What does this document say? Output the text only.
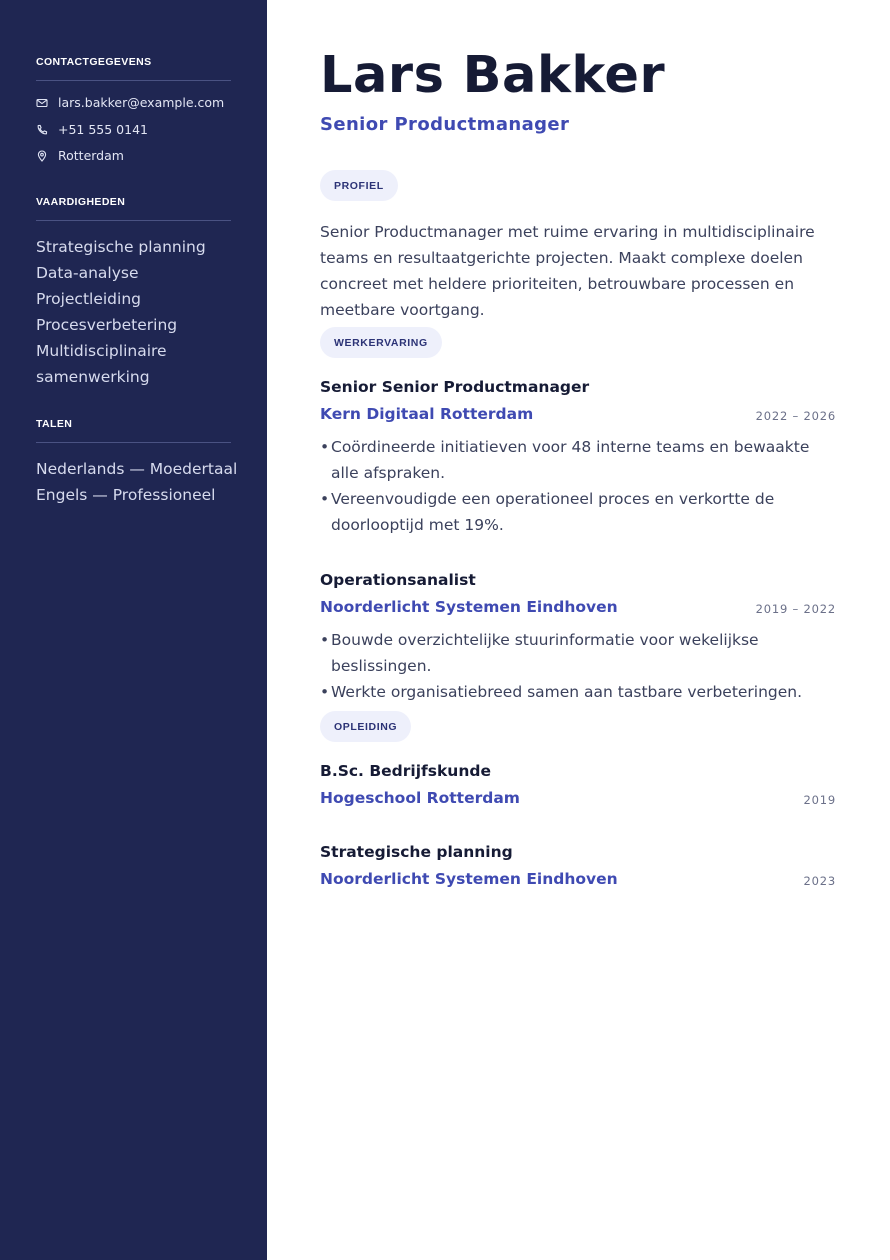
CONTACTGEGEVENS
lars.bakker@example.com
+51 555 0141
Rotterdam
VAARDIGHEDEN
Strategische planning
Data-analyse
Projectleiding
Procesverbetering
Multidisciplinaire
samenwerking
TALEN
Nederlands — Moedertaal
Engels — Professioneel
Lars Bakker
Senior Productmanager
PROFIEL

Senior Productmanager met ruime ervaring in multidisciplinaire teams en resultaatgerichte projecten. Maakt complexe doelen concreet met heldere prioriteiten, betrouwbare processen en meetbare voortgang.

WERKERVARING
Senior Senior Productmanager
Kern Digitaal Rotterdam	2022 – 2026
• Coördineerde initiatieven voor 48 interne teams en bewaakte alle afspraken.
• Vereenvoudigde een operationeel proces en verkortte de doorlooptijd met 19%.
Operationsanalist
Noorderlicht Systemen Eindhoven	2019 – 2022
• Bouwde overzichtelijke stuurinformatie voor wekelijkse beslissingen.
• Werkte organisatiebreed samen aan tastbare verbeteringen.
OPLEIDING
B.Sc. Bedrijfskunde
Hogeschool Rotterdam	2019
Strategische planning
Noorderlicht Systemen Eindhoven	2023
